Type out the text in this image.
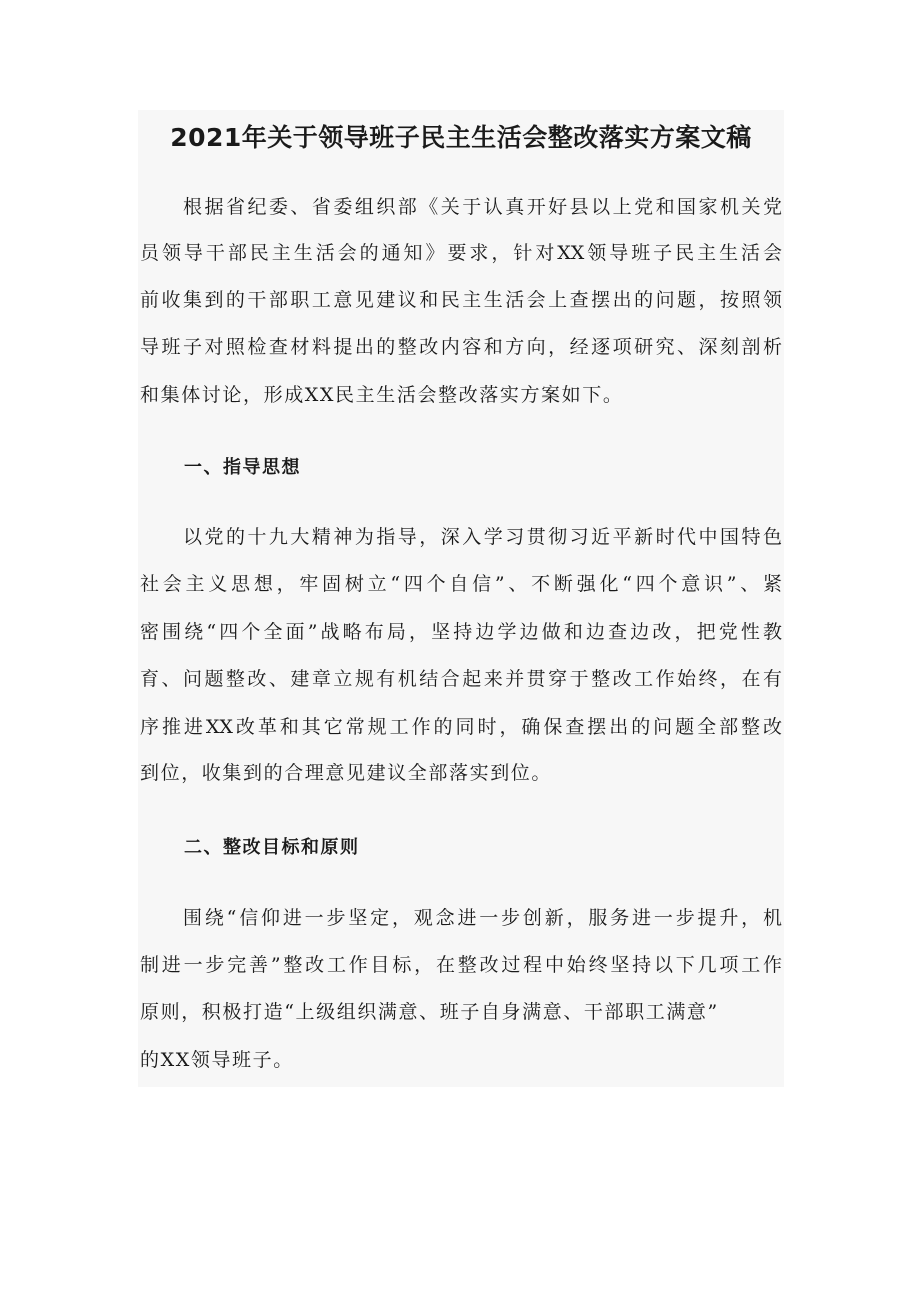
2021年关于领导班子民主生活会整改落实方案文稿
根据省纪委、省委组织部《关于认真开好县以上党和国家机关党
员领导干部民主生活会的通知》要求，针对XX领导班子民主生活会
前收集到的干部职工意见建议和民主生活会上查摆出的问题，按照领
导班子对照检查材料提出的整改内容和方向，经逐项研究、深刻剖析
和集体讨论，形成XX民主生活会整改落实方案如下。
一、指导思想
以党的十九大精神为指导，深入学习贯彻习近平新时代中国特色
社会主义思想，牢固树立“四个自信”、不断强化“四个意识”、紧
密围绕“四个全面”战略布局，坚持边学边做和边查边改，把党性教
育、问题整改、建章立规有机结合起来并贯穿于整改工作始终，在有
序推进XX改革和其它常规工作的同时，确保查摆出的问题全部整改
到位，收集到的合理意见建议全部落实到位。
二、整改目标和原则
围绕“信仰进一步坚定，观念进一步创新，服务进一步提升，机
制进一步完善”整改工作目标，在整改过程中始终坚持以下几项工作
原则，积极打造“上级组织满意、班子自身满意、干部职工满意”
的XX领导班子。
